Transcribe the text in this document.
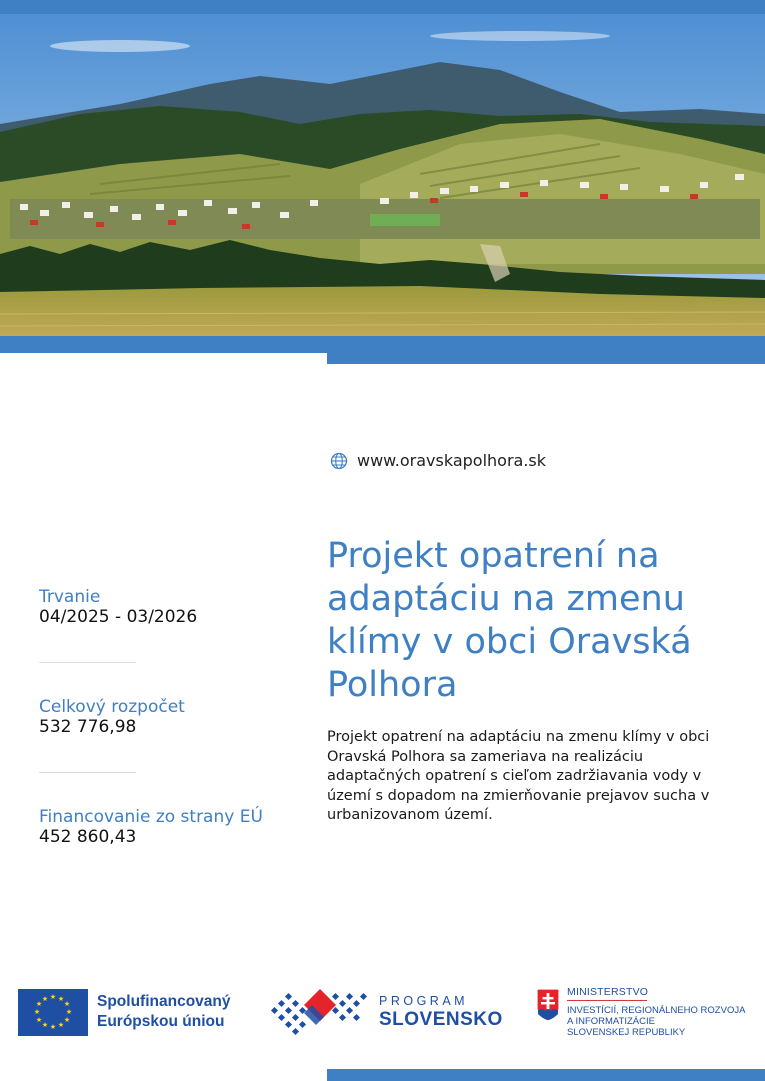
www.oravskapolhora.sk
Projekt opatrení na adaptáciu na zmenu klímy v obci Oravská Polhora

Projekt opatrení na adaptáciu na zmenu klímy v obci Oravská Polhora sa zameriava na realizáciu adaptačných opatrení s cieľom zadržiavania vody v území s dopadom na zmierňovanie prejavov sucha v urbanizovanom území.

Trvanie
04/2025 - 03/2026
Celkový rozpočet
532 776,98
Financovanie zo strany EÚ
452 860,43
★ ★
★
★
★
★
★
★
★
★
★
★	Spolufinancovaný
Európskou úniou
PROGRAM
SLOVENSKO
MINISTERSTVO
INVESTÍCIÍ, REGIONÁLNEHO ROZVOJA
A INFORMATIZÁCIE
SLOVENSKEJ REPUBLIKY
